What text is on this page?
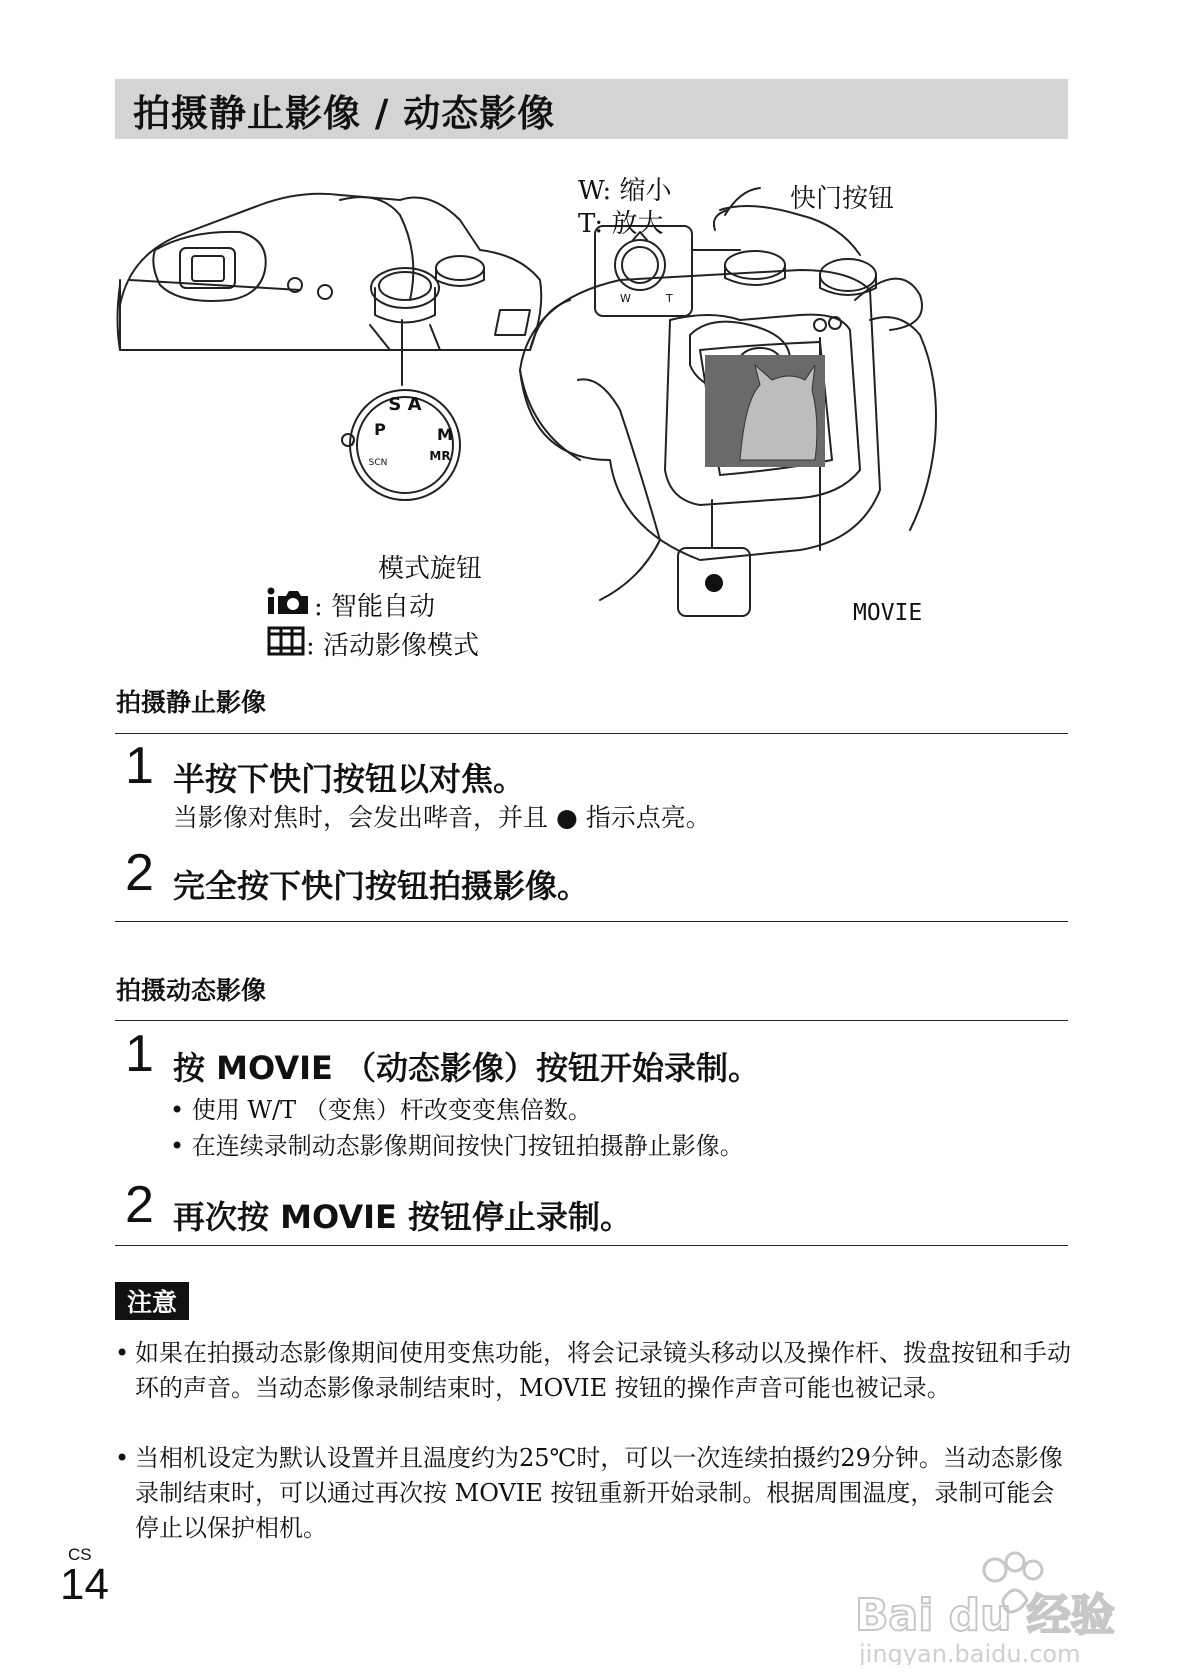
拍摄静止影像 / 动态影像
S A
P	M
MR
SCN
W	T
W: 缩小
T: 放大
快门按钮
模式旋钮
: 智能自动
: 活动影像模式
MOVIE
拍摄静止影像
1 半按下快门按钮以对焦。
当影像对焦时，会发出哔音，并且 ● 指示点亮。
2 完全按下快门按钮拍摄影像。
拍摄动态影像
1 按 MOVIE （动态影像）按钮开始录制。
• 使用 W/T （变焦）杆改变变焦倍数。
• 在连续录制动态影像期间按快门按钮拍摄静止影像。
2 再次按 MOVIE 按钮停止录制。
注意
• 如果在拍摄动态影像期间使用变焦功能，将会记录镜头移动以及操作杆、拨盘按钮和手动环的声音。当动态影像录制结束时，MOVIE 按钮的操作声音可能也被记录。
• 当相机设定为默认设置并且温度约为25℃时，可以一次连续拍摄约29分钟。当动态影像录制结束时，可以通过再次按 MOVIE 按钮重新开始录制。根据周围温度，录制可能会停止以保护相机。
CS
14
Bai du 经验
jingyan.baidu.com
